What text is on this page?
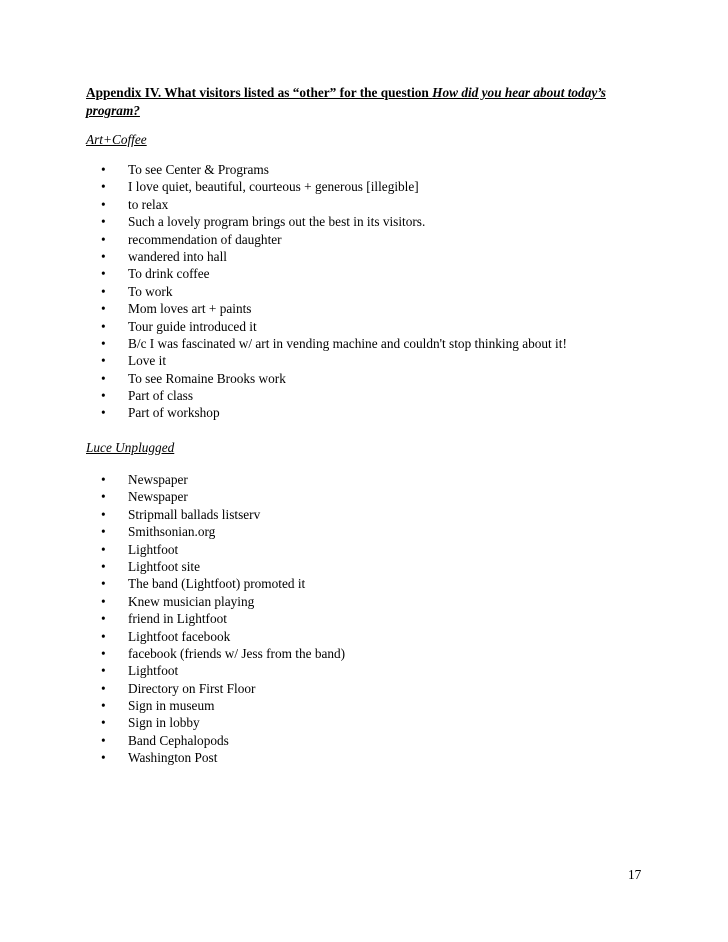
Appendix IV. What visitors listed as “other” for the question How did you hear about today’s program?

Art+Coffee
• To see Center & Programs
• I love quiet, beautiful, courteous + generous [illegible]
• to relax
• Such a lovely program brings out the best in its visitors.
• recommendation of daughter
• wandered into hall
• To drink coffee
• To work
• Mom loves art + paints
• Tour guide introduced it
• B/c I was fascinated w/ art in vending machine and couldn't stop thinking about it!
• Love it
• To see Romaine Brooks work
• Part of class
• Part of workshop
Luce Unplugged
• Newspaper
• Newspaper
• Stripmall ballads listserv
• Smithsonian.org
• Lightfoot
• Lightfoot site
• The band (Lightfoot) promoted it
• Knew musician playing
• friend in Lightfoot
• Lightfoot facebook
• facebook (friends w/ Jess from the band)
• Lightfoot
• Directory on First Floor
• Sign in museum
• Sign in lobby
• Band Cephalopods
• Washington Post
17
